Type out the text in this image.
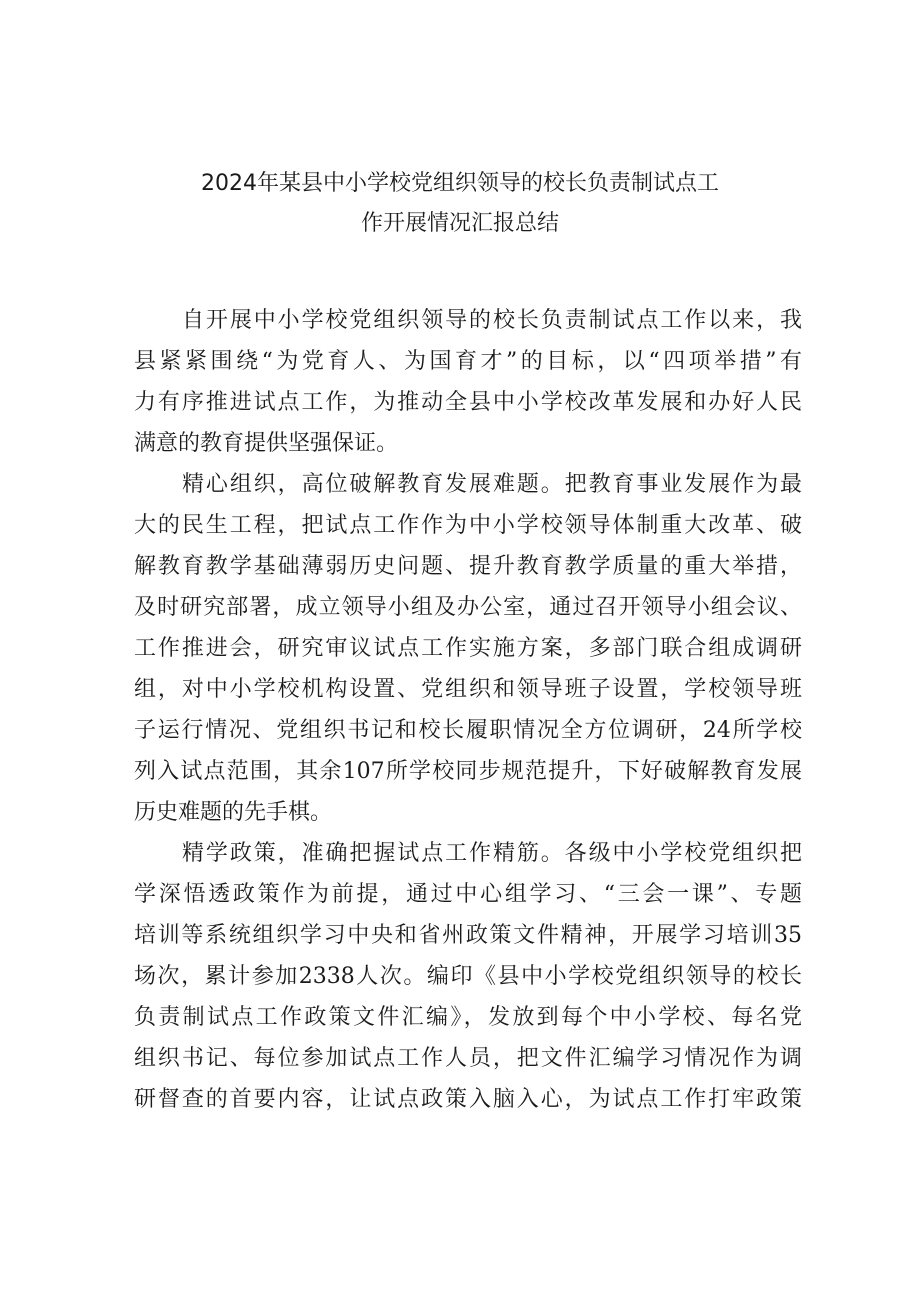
2024年某县中小学校党组织领导的校长负责制试点工
作开展情况汇报总结
自开展中小学校党组织领导的校长负责制试点工作以来，我
县紧紧围绕“为党育人、为国育才”的目标，以“四项举措”有
力有序推进试点工作，为推动全县中小学校改革发展和办好人民
满意的教育提供坚强保证。
精心组织，高位破解教育发展难题。把教育事业发展作为最
大的民生工程，把试点工作作为中小学校领导体制重大改革、破
解教育教学基础薄弱历史问题、提升教育教学质量的重大举措，
及时研究部署，成立领导小组及办公室，通过召开领导小组会议、
工作推进会，研究审议试点工作实施方案，多部门联合组成调研
组，对中小学校机构设置、党组织和领导班子设置，学校领导班
子运行情况、党组织书记和校长履职情况全方位调研，24所学校
列入试点范围，其余107所学校同步规范提升，下好破解教育发展
历史难题的先手棋。
精学政策，准确把握试点工作精筋。各级中小学校党组织把
学深悟透政策作为前提，通过中心组学习、“三会一课”、专题
培训等系统组织学习中央和省州政策文件精神，开展学习培训35
场次，累计参加2338人次。编印《县中小学校党组织领导的校长
负责制试点工作政策文件汇编》，发放到每个中小学校、每名党
组织书记、每位参加试点工作人员，把文件汇编学习情况作为调
研督查的首要内容，让试点政策入脑入心，为试点工作打牢政策
